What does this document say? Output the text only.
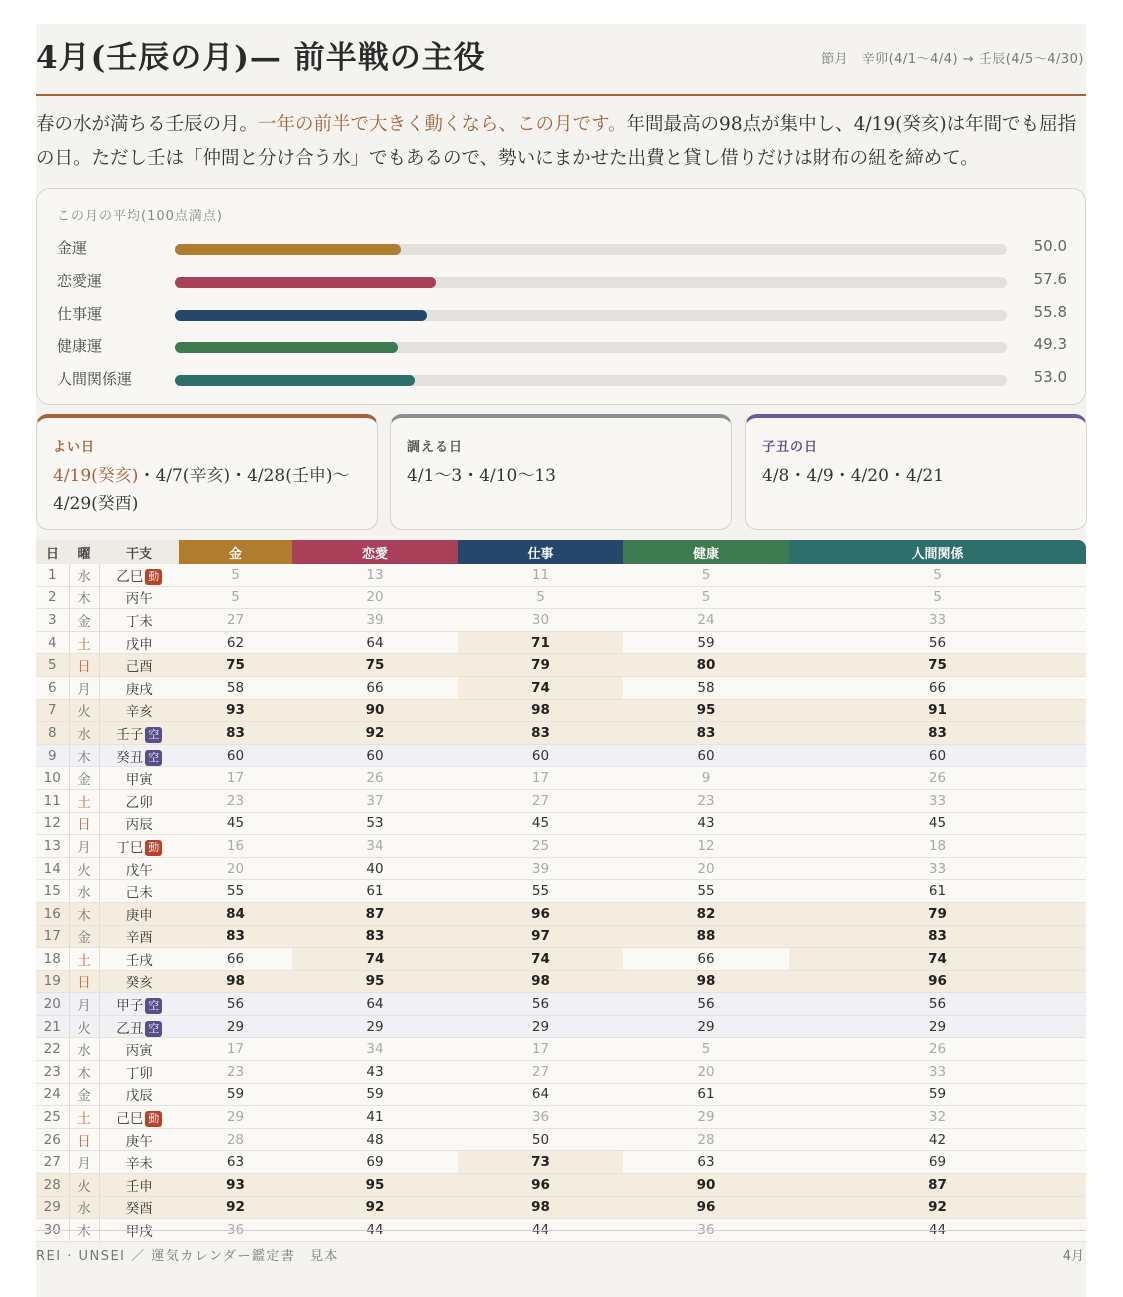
4月(壬辰の月)— 前半戦の主役	節月　辛卯(4/1〜4/4) → 壬辰(4/5〜4/30)
春の水が満ちる壬辰の月。一年の前半で大きく動くなら、この月です。年間最高の98点が集中し、4/19(癸亥)は年間でも屈指の日。ただし壬は「仲間と分け合う水」でもあるので、勢いにまかせた出費と貸し借りだけは財布の紐を締めて。
この月の平均(100点満点)
金運	50.0
恋愛運	57.6
仕事運	55.8
健康運	49.3
人間関係運	53.0
よい日
4/19(癸亥)・4/7(辛亥)・4/28(壬申)〜4/29(癸酉)
調える日
4/1〜3・4/10〜13
子丑の日
4/8・4/9・4/20・4/21
日	曜	干支	金	恋愛	仕事	健康	人間関係
1	水	乙巳 動	5	13	11	5	5
2	木	丙午	5	20	5	5	5
3	金	丁未	27	39	30	24	33
4	土	戊申	62	64	71	59	56
5	日	己酉	75	75	79	80	75
6	月	庚戌	58	66	74	58	66
7	火	辛亥	93	90	98	95	91
8	水	壬子 空	83	92	83	83	83
9	木	癸丑 空	60	60	60	60	60
10	金	甲寅	17	26	17	9	26
11	土	乙卯	23	37	27	23	33
12	日	丙辰	45	53	45	43	45
13	月	丁巳 動	16	34	25	12	18
14	火	戊午	20	40	39	20	33
15	水	己未	55	61	55	55	61
16	木	庚申	84	87	96	82	79
17	金	辛酉	83	83	97	88	83
18	土	壬戌	66	74	74	66	74
19	日	癸亥	98	95	98	98	96
20	月	甲子 空	56	64	56	56	56
21	火	乙丑 空	29	29	29	29	29
22	水	丙寅	17	34	17	5	26
23	木	丁卯	23	43	27	20	33
24	金	戊辰	59	59	64	61	59
25	土	己巳 動	29	41	36	29	32
26	日	庚午	28	48	50	28	42
27	月	辛未	63	69	73	63	69
28	火	壬申	93	95	96	90	87
29	水	癸酉	92	92	98	96	92
30	木	甲戌	36	44	44	36	44
REI · UNSEI ／ 運気カレンダー鑑定書　見本	4月
